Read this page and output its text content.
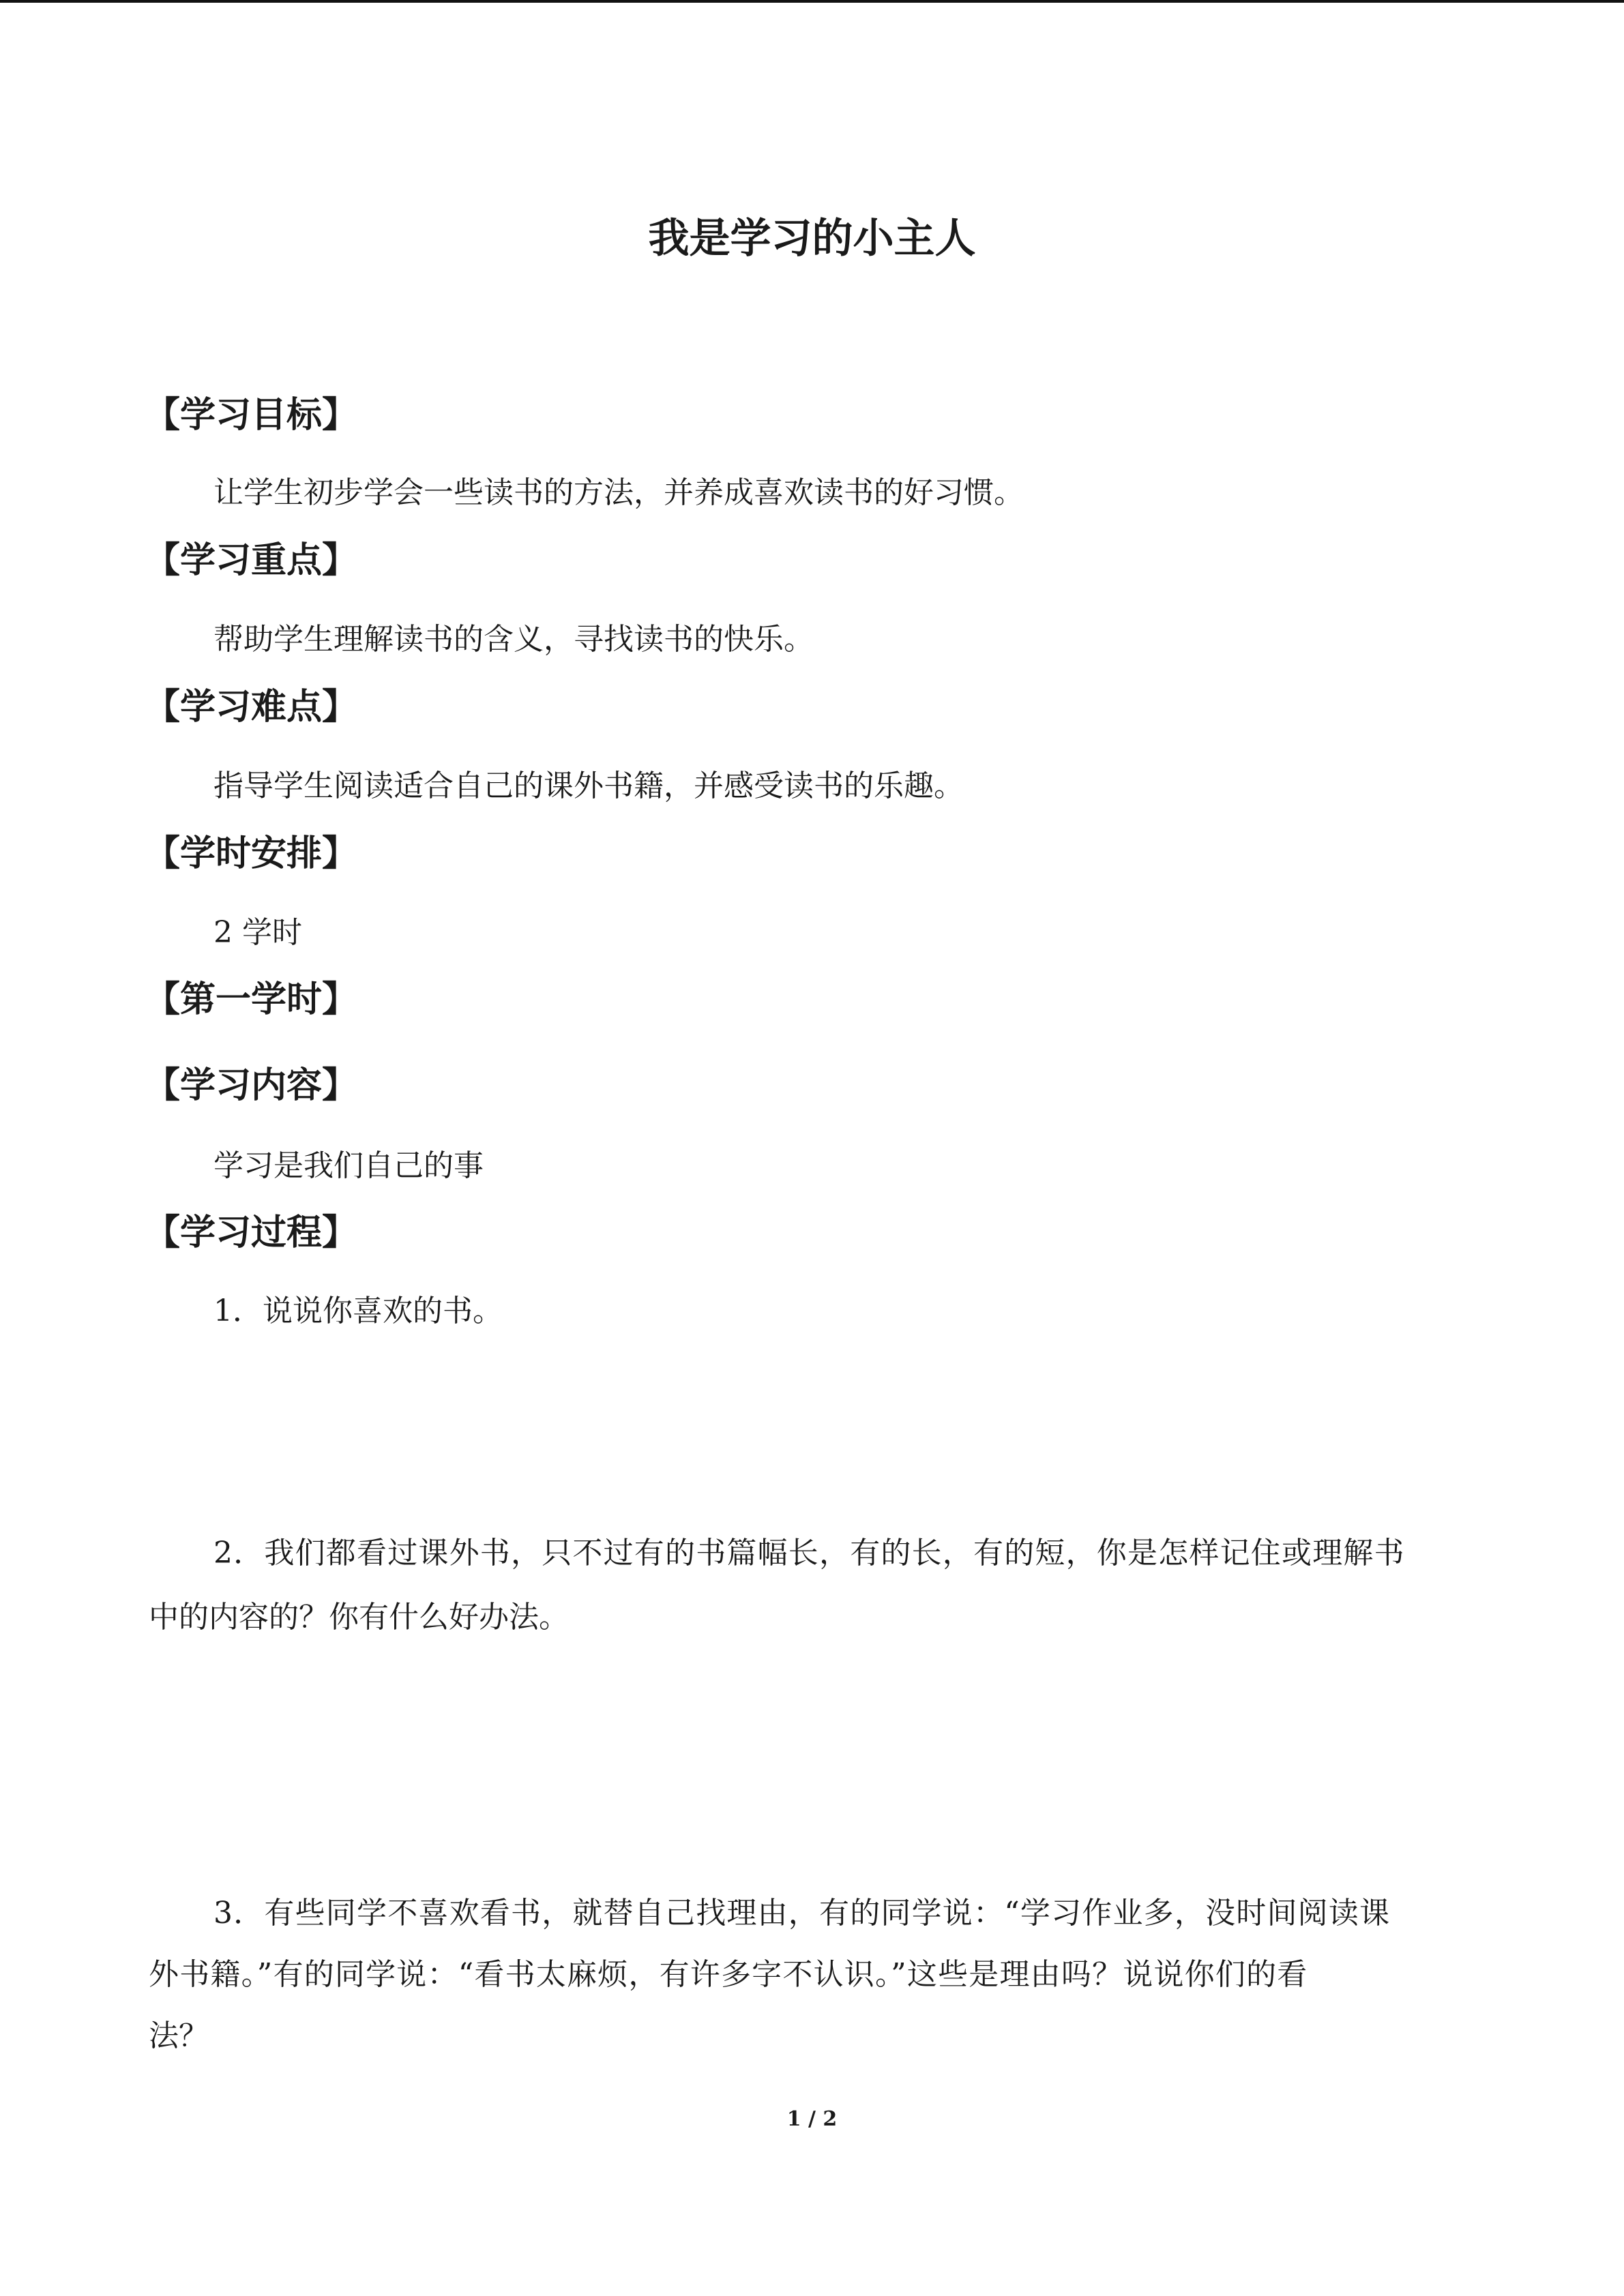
我是学习的小主人
【学习目标】
让学生初步学会一些读书的方法，并养成喜欢读书的好习惯。
【学习重点】
帮助学生理解读书的含义，寻找读书的快乐。
【学习难点】
指导学生阅读适合自己的课外书籍，并感受读书的乐趣。
【学时安排】
2 学时
【第一学时】
【学习内容】
学习是我们自己的事
【学习过程】
1．说说你喜欢的书。
2．我们都看过课外书，只不过有的书篇幅长，有的长，有的短，你是怎样记住或理解书
中的内容的？你有什么好办法。
3．有些同学不喜欢看书，就替自己找理由，有的同学说：“学习作业多，没时间阅读课
外书籍。”有的同学说：“看书太麻烦，有许多字不认识。”这些是理由吗？说说你们的看
法？
1 / 2
